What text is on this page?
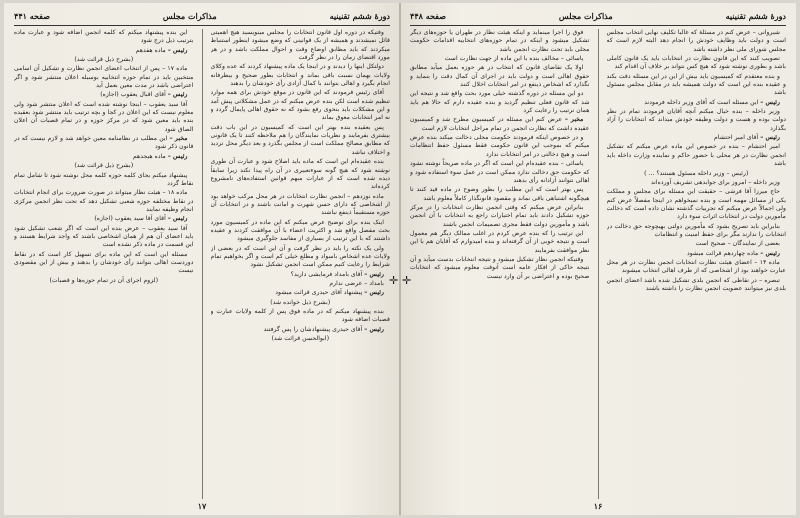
دورهٔ ششم تقنینیه
مذاکرات مجلس
صفحه ۴۴۱

وقتیکه در دوره اول قانون انتخابات را مجلس مینویسید هیچ اهمیتی قائل نمیشدند و همیشه از یک قوانینی که وضع میشود اینطور استنباط میکردند که باید مطابق اوضاع وقت و احوال مملکت باشد و در هر مورد اقتضای زمان را در نظر گرفت

دولتکل اینها را دیدند و در اینجا یک ماده پیشنهاد کردند که عده وکلای ولایات بهمان نسبت باقی بماند و انتخابات بطور صحیح و بیطرفانه انجام بگیرد و اهالی بتوانند با کمال آزادی رأی خودشان را بدهند

آقای رئیس فرمودند که این قانون در موقع خودش برای همه موارد تنظیم شده است لکن بنده عرض میکنم که در عمل مشکلاتی پیش آمد و این مشکلات باید بنحوی رفع بشود که نه حقوق اهالی پایمال گردد و نه امر انتخابات معوق بماند

پس بعقیده بنده بهتر این است که کمیسیون در این باب دقت بیشتری بفرمایند و نظریات نمایندگان را هم ملاحظه کنند تا یک قانونی که مطابق مصالح مملکت است از مجلس بگذرد و بعد دیگر محل تردید و اختلاف نباشد

بنده عقیده‌ام این است که ماده باید اصلاح شود و عبارت آن طوری نوشته شود که هیچ گونه سوءتعبیری در آن راه پیدا نکند زیرا سابقاً دیده شده است که از عبارات مبهم قوانین استفاده‌های نامشروع کرده‌اند

ماده نوزدهم – انجمن نظارت انتخابات در هر محل مرکب خواهد بود از اشخاصی که دارای حسن شهرت و امانت باشند و در انتخابات آن حوزه مستقیماً ذینفع نباشند

اینک بنده برای توضیح عرض میکنم که این ماده در کمیسیون مورد بحث مفصل واقع شد و اکثریت اعضاء با آن موافقت کردند و عقیده داشتند که با این ترتیب از بسیاری از مفاسد جلوگیری میشود

ولی یک نکته را باید در نظر گرفت و آن این است که در بعضی از ولایات عده اشخاص باسواد و مطلع خیلی کم است و اگر بخواهیم تمام شرایط را رعایت کنیم ممکن است انجمن تشکیل نشود

رئیس – آقای بامداد فرمایشی دارید؟

بامداد – عرضی ندارم

رئیس – پیشنهاد آقای حیدری قرائت میشود

(بشرح ذیل خوانده شد)

بنده پیشنهاد میکنم که در ماده فوق پس از کلمه ولایات عبارت و قصبات اضافه شود

رئیس – آقای حیدری پیشنهادشان را پس گرفتند

(ابوالحسن قرائت شد)

این بنده پیشنهاد میکنم که کلمه انجمن اضافه شود و عبارت ماده بترتیب ذیل درج شود

رئیس – ماده هفدهم

(بشرح ذیل قرائت شد)

ماده ۱۷ – پس از انتخاب اعضای انجمن نظارت و تشکیل آن اسامی منتخبین باید در تمام حوزه انتخابیه بوسیله اعلان منتشر شود و اگر اعتراضی باشد در مدت معین بعمل آید

رئیس – آقای اقبال یعقوب (اجازه)

آقا سید یعقوب – اینجا نوشته شده است که اعلان منتشر شود ولی معلوم نیست که این اعلان در کجا و بچه ترتیب باید منتشر شود بعقیده بنده باید معین شود که در مرکز حوزه و در تمام قصبات آن اعلان الصاق شود

مخبر – این مطلب در نظامنامه معین خواهد شد و لازم نیست که در قانون ذکر شود

رئیس – ماده هیجدهم

(بشرح ذیل قرائت شد)

پیشنهاد میکنم بجای کلمه حوزه کلمه محل نوشته شود تا شامل تمام نقاط گردد

ماده ۱۸ – هیئت نظار میتواند در صورت ضرورت برای انجام انتخابات در نقاط مختلفه حوزه شعبی تشکیل دهد که تحت نظر انجمن مرکزی انجام وظیفه نمایند

رئیس – آقای آقا سید یعقوب (اجازه)

آقا سید یعقوب – عرض بنده این است که اگر شعب تشکیل شود باید اعضای آن هم از همان اشخاصی باشند که واجد شرایط هستند و این قسمت در ماده ذکر نشده است

مسئله این است که این ماده برای تسهیل کار است که در نقاط دوردست اهالی بتوانند رأی خودشان را بدهند و بیش از این مقصودی نیست

(لزوم اجرای آن در تمام حوزه‌ها و قصبات)

۱۷
دورهٔ ششم تقنینیه
مذاکرات مجلس
صفحه ۴۴۸

شیروانی – عرض کنم در مسئلهٔ که غالباً تکلیف نهایی انتخاب مجلس است و دولت باید وظایف خودش را انجام دهد البته لازم است که مجلس شورای ملی نظر داشته باشد

تصویب کنند که این قانون نظارت در انتخابات باید یک قانون کاملی باشد و بطوری نوشته شود که هیچ کس نتواند بر خلاف آن اقدام کند

و بنده معتقدم که کمیسیون باید بیش از این در این مسئله دقت بکند و عقیده بنده این است که دولت همیشه باید در مقابل مجلس مسئول باشد

رئیس – این مسئله است که آقای وزیر داخله فرمودند

وزیر داخله – بنده خیال میکنم آنچه آقایان فرمودند تمام در نظر دولت بوده و هست و دولت وظیفه خودش میداند که انتخابات را آزاد بگذارد

رئیس – آقای امیر احتشام

امیر احتشام – بنده در خصوص این ماده عرض میکنم که تشکیل انجمن نظارت در هر محلی با حضور حاکم و نماینده وزارت داخله باید باشد

(رئیس – وزیر داخله مسئول هستند؟ ... )

وزیر داخله – امروز برای جوابدهی تشریف آورده‌اند

حاج میرزا آقا فرشی – حقیقت این مسئله برای مجلس و مملکت یکی از مسائل مهمه است و بنده نمیخواهم در اینجا مفصلاً عرض کنم ولی اجمالاً عرض میکنم که تجربیات گذشته نشان داده است که دخالت مأمورین دولت در انتخابات اثرات سوء دارد

بنابراین باید تصریح بشود که مأمورین دولتی بهیچوجه حق دخالت در انتخابات را ندارند مگر برای حفظ امنیت و انتظامات

بعضی از نمایندگان – صحیح است

رئیس – ماده چهاردهم قرائت میشود

ماده ۱۴ – اعضای هیئت نظارت انتخابات انجمن نظارت در هر محل عبارت خواهند بود از اشخاصی که از طرف اهالی انتخاب میشوند

تبصره – در نقاطی که انجمن بلدی تشکیل شده باشد اعضای انجمن بلدی نیز میتوانند عضویت انجمن نظارت را داشته باشند

فوق را اجرا مینماید و اینکه هیئت نظار در طهران یا حوزه‌های دیگر تشکیل میشود و اینکه در تمام حوزه‌های انتخابیه اقدامات حکومت محلی باید تحت نظارت انجمن باشد

یاسائی – مخالف بنده با این ماده از جهت نظارت است

اولا یک تقاضای قانون که انتخاب در هر حوزه بعمل میآید مطابق حقوق اهالی است و دولت باید در اجرای آن کمال دقت را بنماید و نگذارد که اشخاص ذینفع در امر انتخابات اخلال کنند

دو این مسئله در دوره گذشته خیلی مورد بحث واقع شد و نتیجه این شد که قانون فعلی تنظیم گردید و بنده عقیده دارم که حالا هم باید همان ترتیب را رعایت کرد

مخبر – عرض کنم این مسئله در کمیسیون مطرح شد و کمیسیون عقیده داشت که نظارت انجمن در تمام مراحل انتخابات لازم است

و در خصوص اینکه فرمودند حکومت محلی دخالت میکند بنده عرض میکنم که بموجب این قانون حکومت فقط مسئول حفظ انتظامات است و هیچ دخالتی در امر انتخابات ندارد

یاسائی – بنده عقیده‌ام این است که اگر در ماده صریحاً نوشته نشود که حکومت حق دخالت ندارد ممکن است در عمل سوء استفاده شود و اهالی نتوانند آزادانه رأی بدهند

پس بهتر است که این مطلب را بطور وضوح در ماده قید کنند تا هیچگونه اشتباهی باقی نماند و مقصود قانونگذار کاملاً معلوم باشد

بنابراین عرض میکنم که وقتی انجمن نظارت انتخابات را در مرکز حوزه تشکیل دادند باید تمام اختیارات راجع به انتخابات با آن انجمن باشد و مأمورین دولت فقط مجری تصمیمات انجمن باشند

این ترتیب را که بنده عرض کردم در اغلب ممالک دیگر هم معمول است و نتیجه خوبی از آن گرفته‌اند و بنده امیدوارم که آقایان هم با این نظر موافقت بفرمایند

وقتیکه انجمن نظار تشکیل میشود و نتیجه انتخابات بدست میآید و آن نتیجه حاکی از افکار عامه است آنوقت معلوم میشود که انتخابات صحیح بوده و اعتراضی بر آن وارد نیست

۱۶
✛ ✛
